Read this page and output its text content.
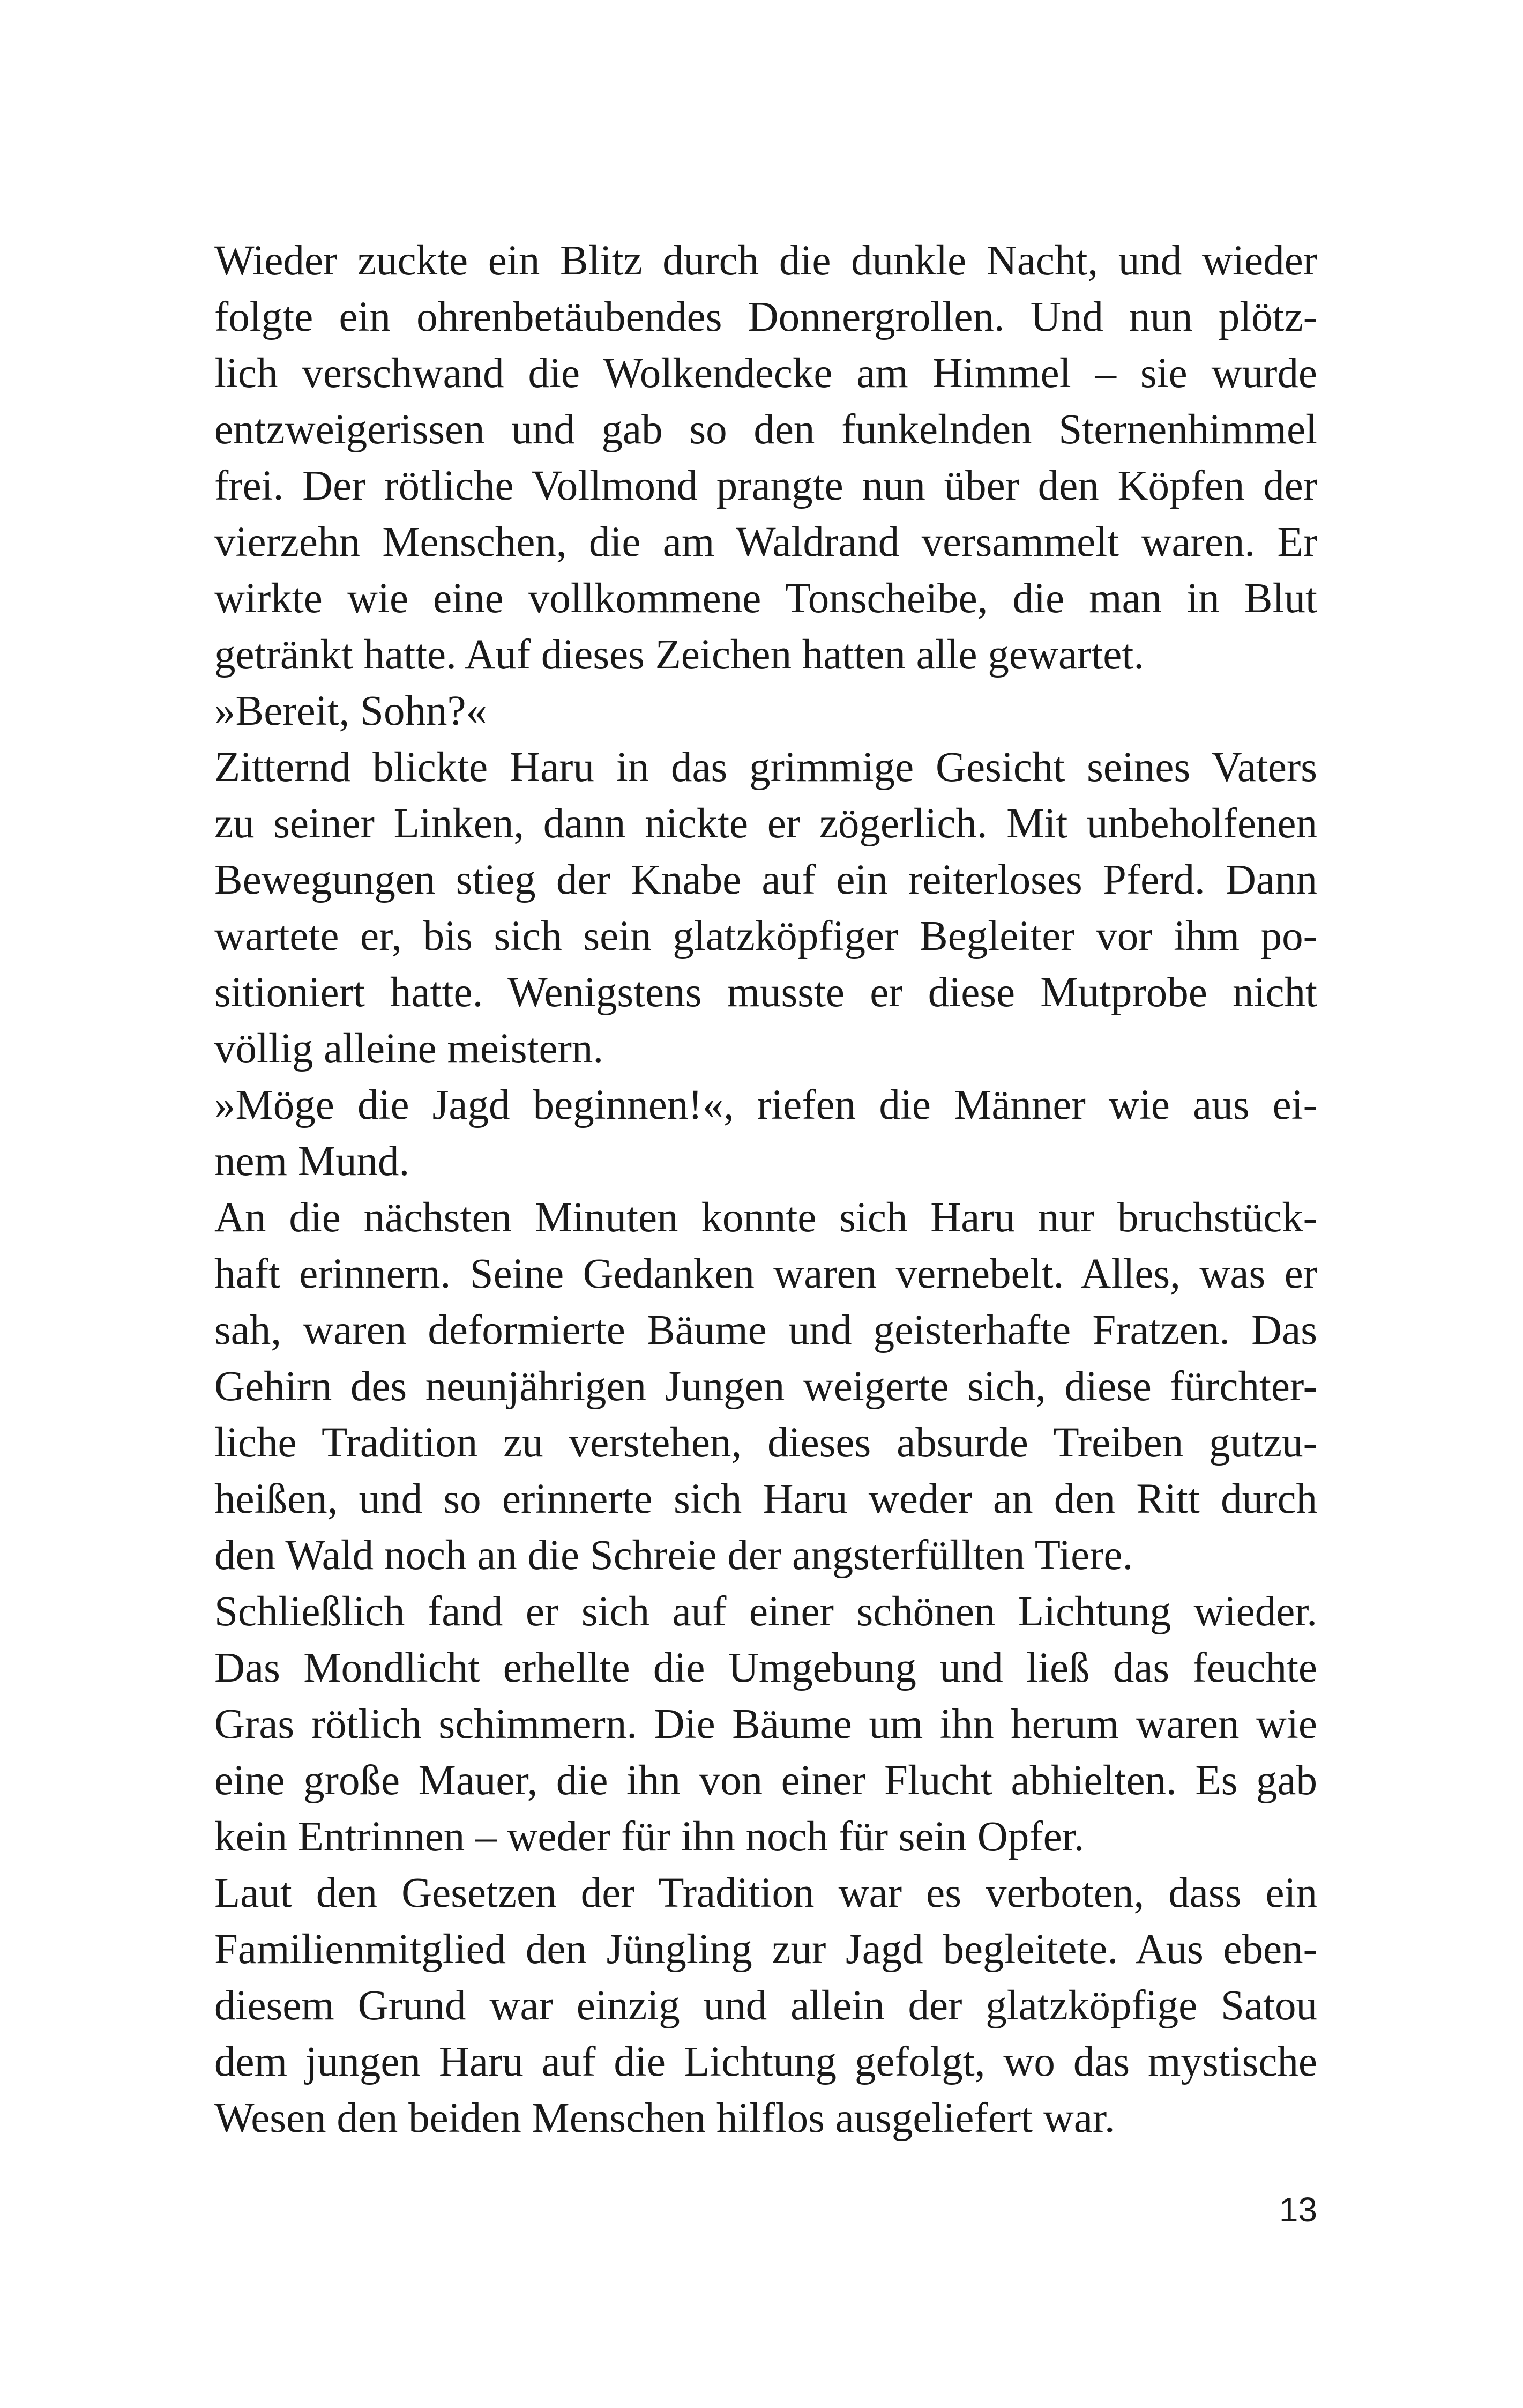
Wieder zuckte ein Blitz durch die dunkle Nacht, und wieder
folgte ein ohrenbetäubendes Donnergrollen. Und nun plötz-
lich verschwand die Wolkendecke am Himmel – sie wurde
entzweigerissen und gab so den funkelnden Sternenhimmel
frei. Der rötliche Vollmond prangte nun über den Köpfen der
vierzehn Menschen, die am Waldrand versammelt waren. Er
wirkte wie eine vollkommene Tonscheibe, die man in Blut
getränkt hatte. Auf dieses Zeichen hatten alle gewartet.
»Bereit, Sohn?«
Zitternd blickte Haru in das grimmige Gesicht seines Vaters
zu seiner Linken, dann nickte er zögerlich. Mit unbeholfenen
Bewegungen stieg der Knabe auf ein reiterloses Pferd. Dann
wartete er, bis sich sein glatzköpfiger Begleiter vor ihm po-
sitioniert hatte. Wenigstens musste er diese Mutprobe nicht
völlig alleine meistern.
»Möge die Jagd beginnen!«, riefen die Männer wie aus ei-
nem Mund.
An die nächsten Minuten konnte sich Haru nur bruchstück-
haft erinnern. Seine Gedanken waren vernebelt. Alles, was er
sah, waren deformierte Bäume und geisterhafte Fratzen. Das
Gehirn des neunjährigen Jungen weigerte sich, diese fürchter-
liche Tradition zu verstehen, dieses absurde Treiben gutzu-
heißen, und so erinnerte sich Haru weder an den Ritt durch
den Wald noch an die Schreie der angsterfüllten Tiere.
Schließlich fand er sich auf einer schönen Lichtung wieder.
Das Mondlicht erhellte die Umgebung und ließ das feuchte
Gras rötlich schimmern. Die Bäume um ihn herum waren wie
eine große Mauer, die ihn von einer Flucht abhielten. Es gab
kein Entrinnen – weder für ihn noch für sein Opfer.
Laut den Gesetzen der Tradition war es verboten, dass ein
Familienmitglied den Jüngling zur Jagd begleitete. Aus eben-
diesem Grund war einzig und allein der glatzköpfige Satou
dem jungen Haru auf die Lichtung gefolgt, wo das mystische
Wesen den beiden Menschen hilflos ausgeliefert war.
13
